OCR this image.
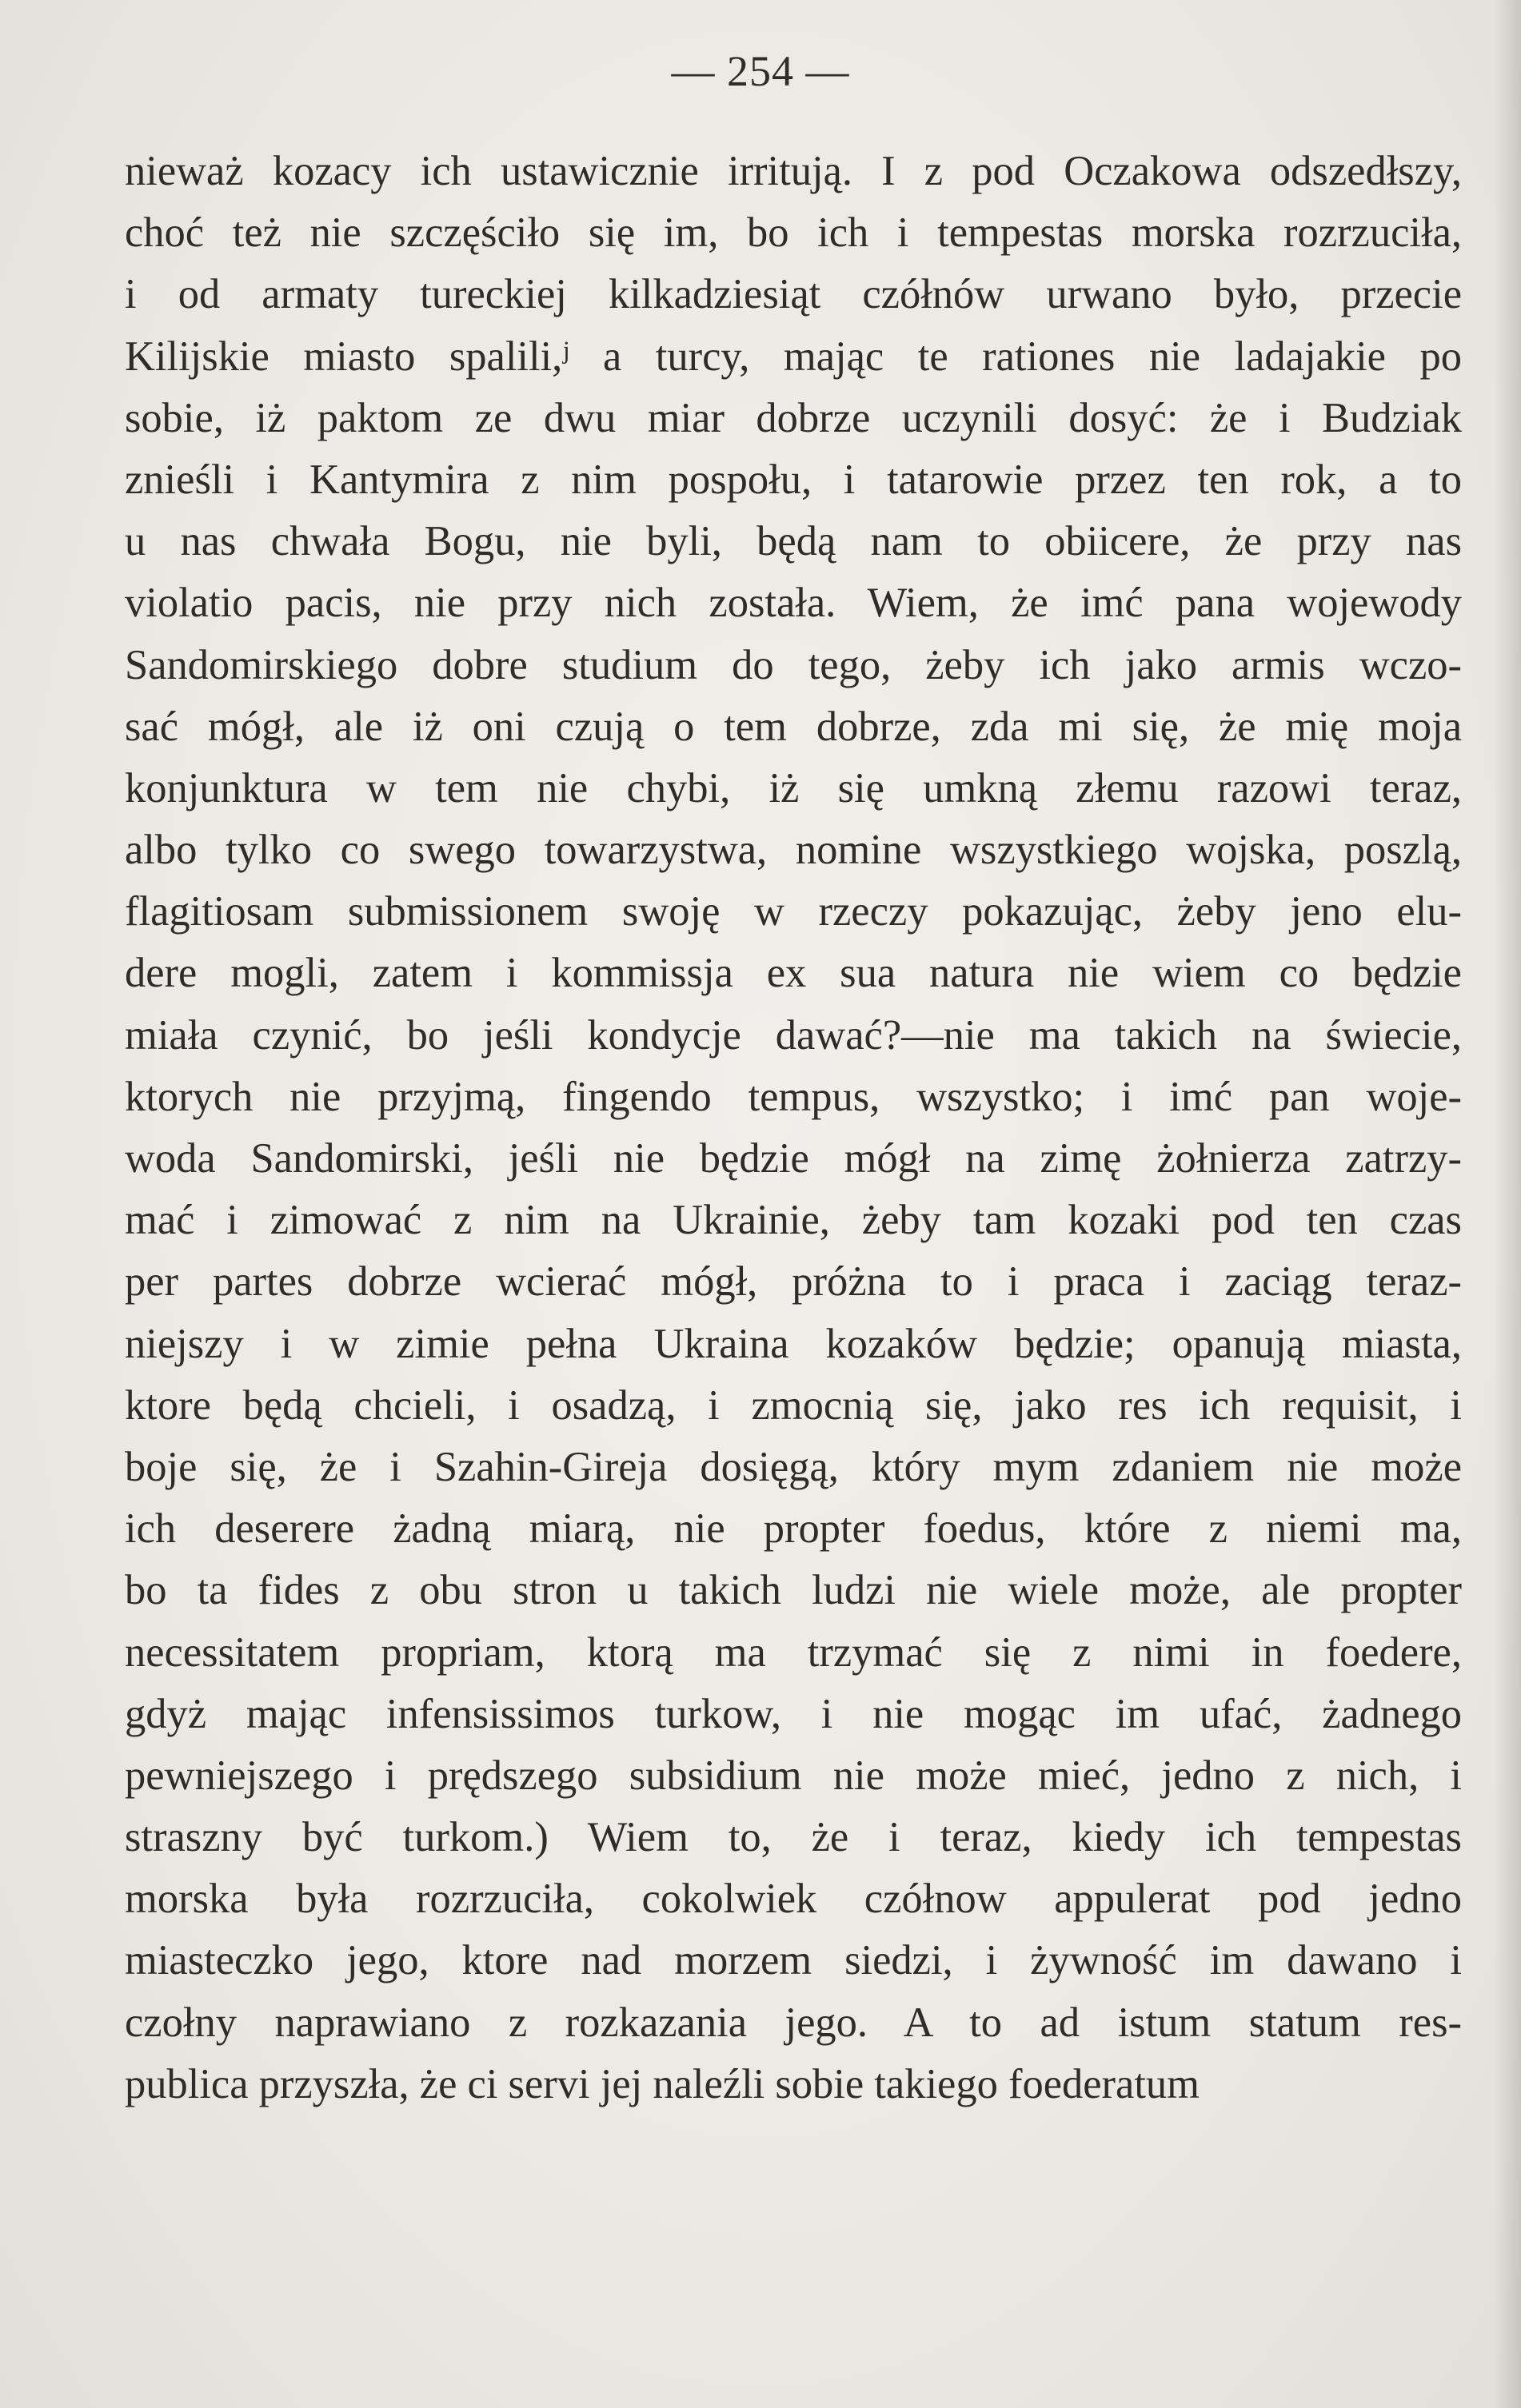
— 254 —
nieważ kozacy ich ustawicznie irritują. I z pod Oczakowa odszedłszy,
choć też nie szczęściło się im, bo ich i tempestas morska rozrzuciła,
i od armaty tureckiej kilkadziesiąt czółnów urwano było, przecie
Kilijskie miasto spalili,ʲ a turcy, mając te rationes nie ladajakie po
sobie, iż paktom ze dwu miar dobrze uczynili dosyć: że i Budziak
znieśli i Kantymira z nim pospołu, i tatarowie przez ten rok, a to
u nas chwała Bogu, nie byli, będą nam to obiicere, że przy nas
violatio pacis, nie przy nich została. Wiem, że imć pana wojewody
Sandomirskiego dobre studium do tego, żeby ich jako armis wczo-
sać mógł, ale iż oni czują o tem dobrze, zda mi się, że mię moja
konjunktura w tem nie chybi, iż się umkną złemu razowi teraz,
albo tylko co swego towarzystwa, nomine wszystkiego wojska, poszlą,
flagitiosam submissionem swoję w rzeczy pokazując, żeby jeno elu-
dere mogli, zatem i kommissja ex sua natura nie wiem co będzie
miała czynić, bo jeśli kondycje dawać?—nie ma takich na świecie,
ktorych nie przyjmą, fingendo tempus, wszystko; i imć pan woje-
woda Sandomirski, jeśli nie będzie mógł na zimę żołnierza zatrzy-
mać i zimować z nim na Ukrainie, żeby tam kozaki pod ten czas
per partes dobrze wcierać mógł, próżna to i praca i zaciąg teraz-
niejszy i w zimie pełna Ukraina kozaków będzie; opanują miasta,
ktore będą chcieli, i osadzą, i zmocnią się, jako res ich requisit, i
boje się, że i Szahin-Gireja dosięgą, który mym zdaniem nie może
ich deserere żadną miarą, nie propter foedus, które z niemi ma,
bo ta fides z obu stron u takich ludzi nie wiele może, ale propter
necessitatem propriam, ktorą ma trzymać się z nimi in foedere,
gdyż mając infensissimos turkow, i nie mogąc im ufać, żadnego
pewniejszego i prędszego subsidium nie może mieć, jedno z nich, i
straszny być turkom.) Wiem to, że i teraz, kiedy ich tempestas
morska była rozrzuciła, cokolwiek czółnow appulerat pod jedno
miasteczko jego, ktore nad morzem siedzi, i żywność im dawano i
czołny naprawiano z rozkazania jego. A to ad istum statum res-
publica przyszła, że ci servi jej naleźli sobie takiego foederatum
